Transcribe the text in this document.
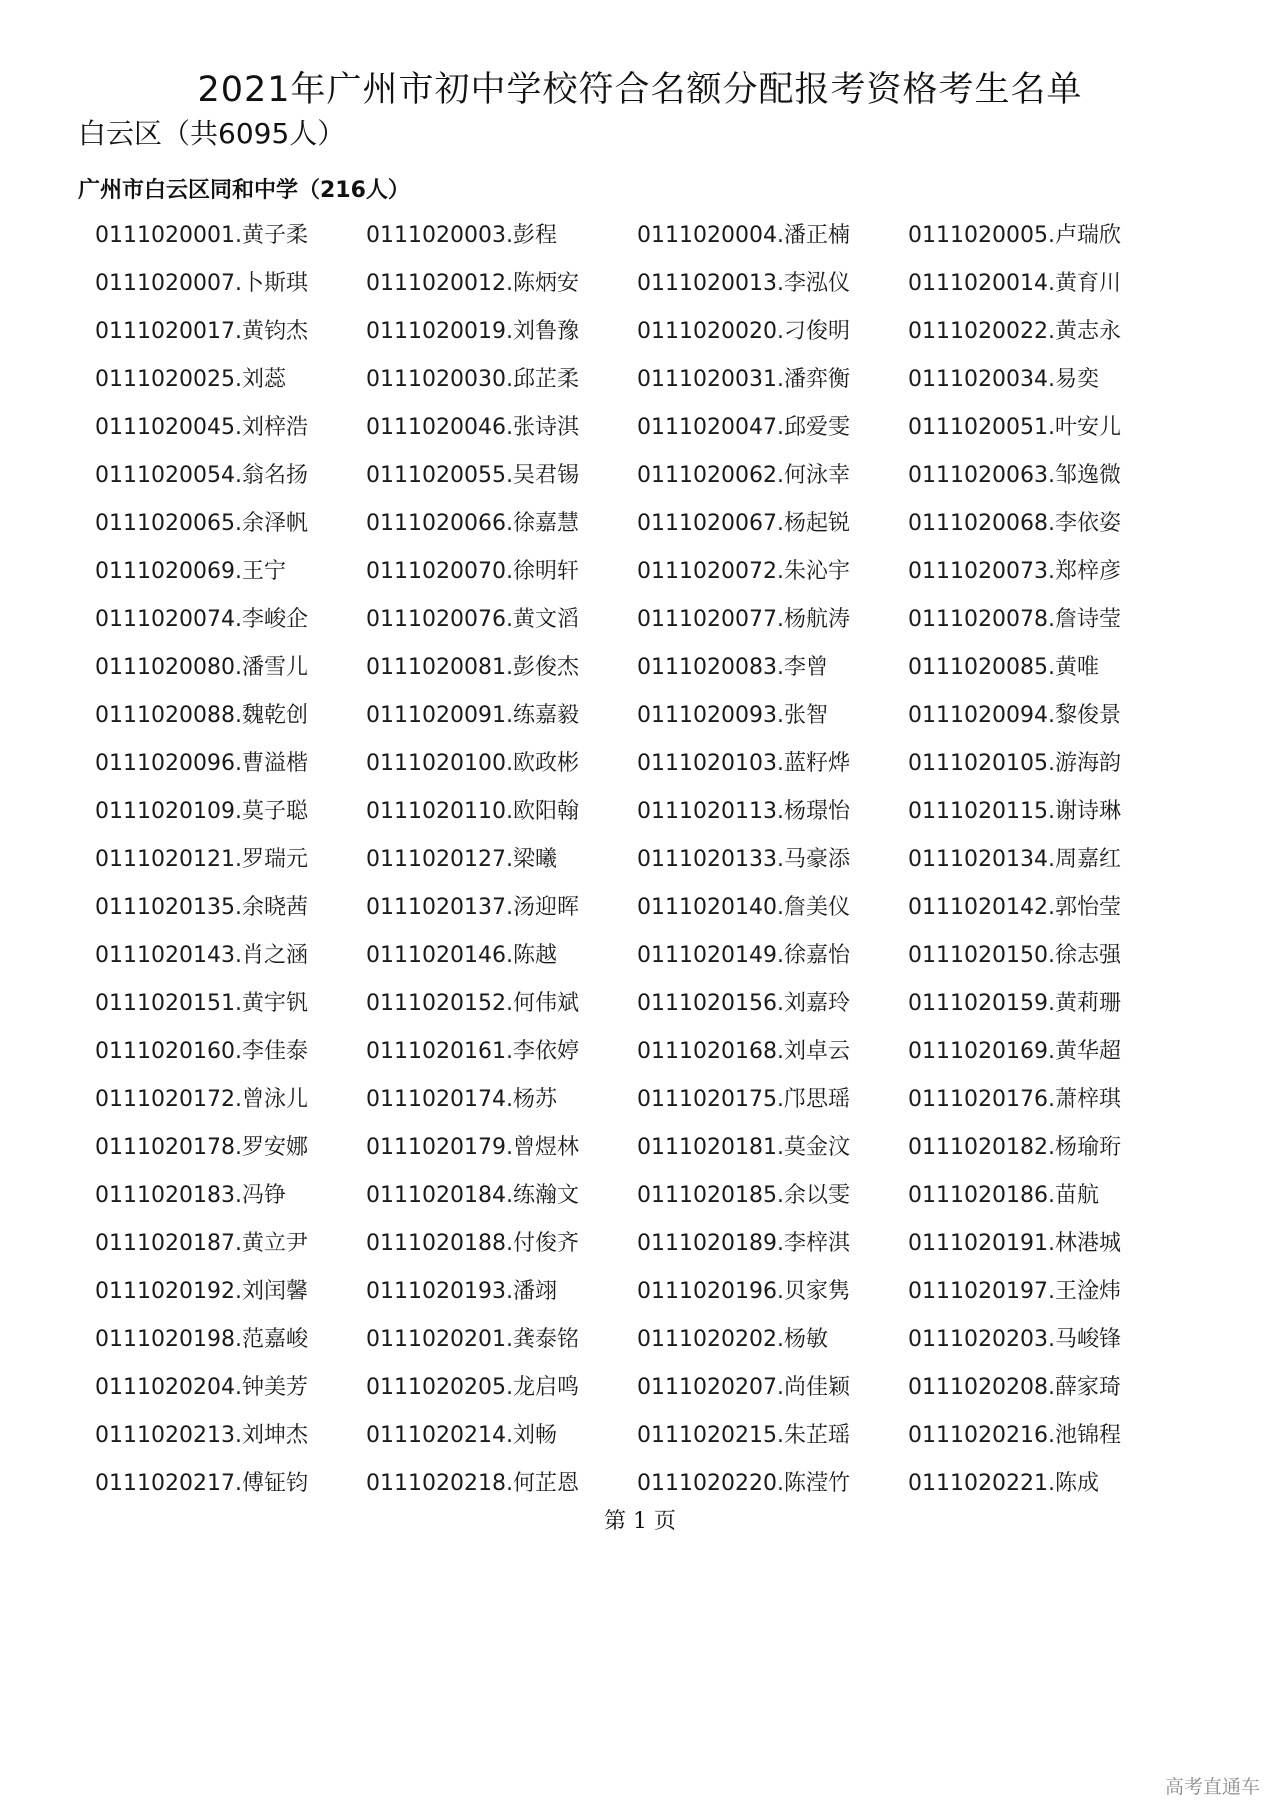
2021年广州市初中学校符合名额分配报考资格考生名单
白云区（共6095人）
广州市白云区同和中学（216人）
0111020001.黄子柔	0111020003.彭程	0111020004.潘正楠	0111020005.卢瑞欣
0111020007.卜斯琪	0111020012.陈炳安	0111020013.李泓仪	0111020014.黄育川
0111020017.黄钧杰	0111020019.刘鲁豫	0111020020.刁俊明	0111020022.黄志永
0111020025.刘蕊	0111020030.邱芷柔	0111020031.潘弈衡	0111020034.易奕
0111020045.刘梓浩	0111020046.张诗淇	0111020047.邱爱雯	0111020051.叶安儿
0111020054.翁名扬	0111020055.吴君锡	0111020062.何泳幸	0111020063.邹逸微
0111020065.余泽帆	0111020066.徐嘉慧	0111020067.杨起锐	0111020068.李依姿
0111020069.王宁	0111020070.徐明轩	0111020072.朱沁宇	0111020073.郑梓彦
0111020074.李峻企	0111020076.黄文滔	0111020077.杨航涛	0111020078.詹诗莹
0111020080.潘雪儿	0111020081.彭俊杰	0111020083.李曾	0111020085.黄唯
0111020088.魏乾创	0111020091.练嘉毅	0111020093.张智	0111020094.黎俊景
0111020096.曹溢楷	0111020100.欧政彬	0111020103.蓝籽烨	0111020105.游海韵
0111020109.莫子聪	0111020110.欧阳翰	0111020113.杨璟怡	0111020115.谢诗琳
0111020121.罗瑞元	0111020127.梁曦	0111020133.马豪添	0111020134.周嘉红
0111020135.余晓茜	0111020137.汤迎晖	0111020140.詹美仪	0111020142.郭怡莹
0111020143.肖之涵	0111020146.陈越	0111020149.徐嘉怡	0111020150.徐志强
0111020151.黄宇钒	0111020152.何伟斌	0111020156.刘嘉玲	0111020159.黄莉珊
0111020160.李佳泰	0111020161.李依婷	0111020168.刘卓云	0111020169.黄华超
0111020172.曾泳儿	0111020174.杨苏	0111020175.邝思瑶	0111020176.萧梓琪
0111020178.罗安娜	0111020179.曾煜林	0111020181.莫金汶	0111020182.杨瑜珩
0111020183.冯铮	0111020184.练瀚文	0111020185.余以雯	0111020186.苗航
0111020187.黄立尹	0111020188.付俊齐	0111020189.李梓淇	0111020191.林港城
0111020192.刘闰馨	0111020193.潘翊	0111020196.贝家隽	0111020197.王淦炜
0111020198.范嘉峻	0111020201.龚泰铭	0111020202.杨敏	0111020203.马峻锋
0111020204.钟美芳	0111020205.龙启鸣	0111020207.尚佳颖	0111020208.薛家琦
0111020213.刘坤杰	0111020214.刘畅	0111020215.朱芷瑶	0111020216.池锦程
0111020217.傅钲钧	0111020218.何芷恩	0111020220.陈滢竹	0111020221.陈成
第 1 页
高考直通车
